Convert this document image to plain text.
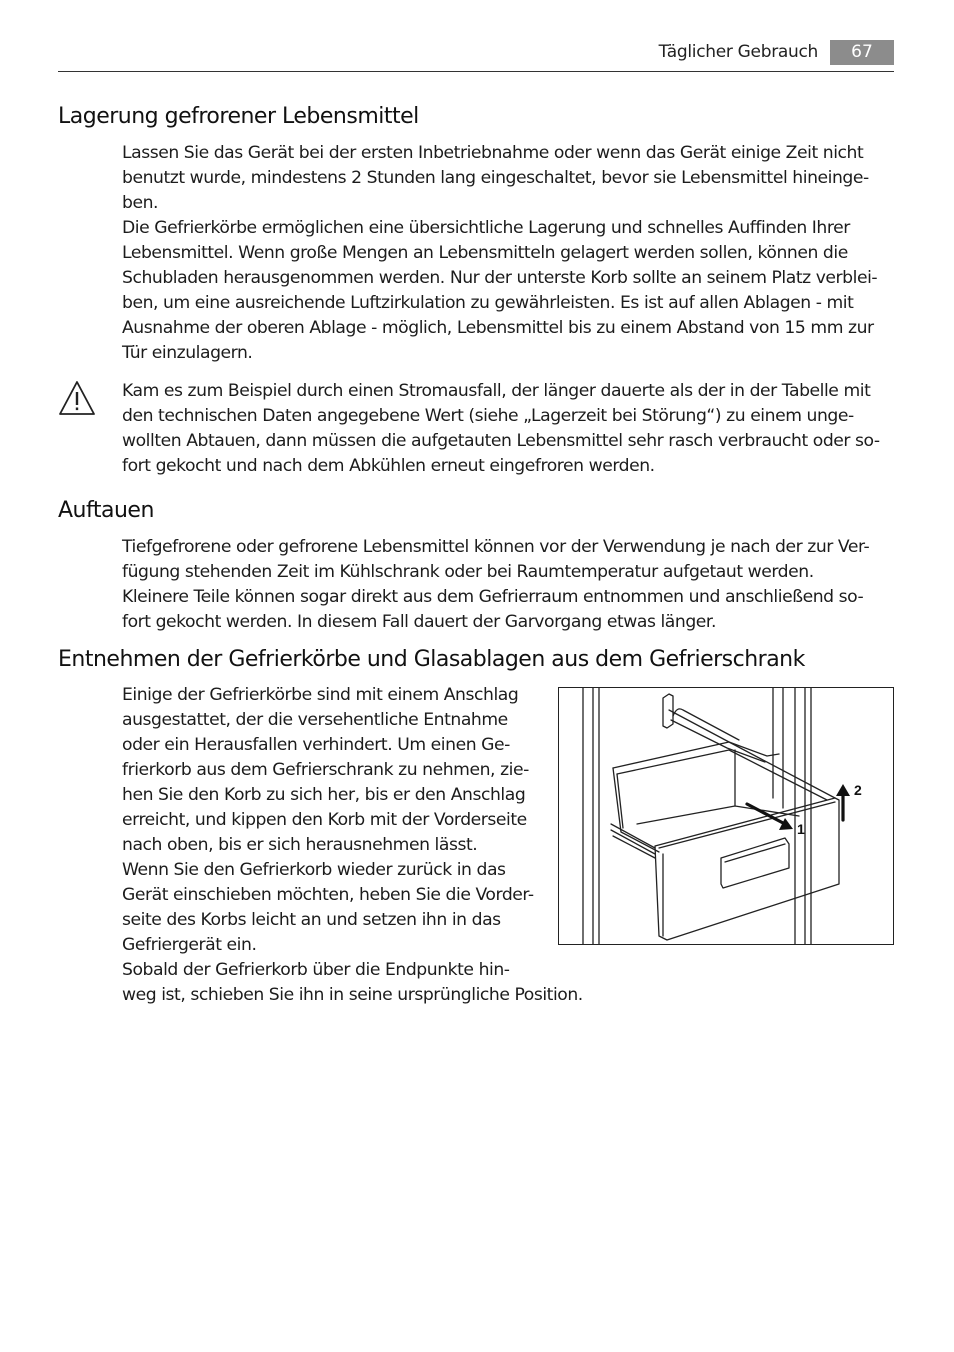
Täglicher Gebrauch	67
Lagerung gefrorener Lebensmittel
Lassen Sie das Gerät bei der ersten Inbetriebnahme oder wenn das Gerät einige Zeit nicht
benutzt wurde, mindestens 2 Stunden lang eingeschaltet, bevor sie Lebensmittel hineinge-
ben.
Die Gefrierkörbe ermöglichen eine übersichtliche Lagerung und schnelles Auffinden Ihrer
Lebensmittel. Wenn große Mengen an Lebensmitteln gelagert werden sollen, können die
Schubladen herausgenommen werden. Nur der unterste Korb sollte an seinem Platz verblei-
ben, um eine ausreichende Luftzirkulation zu gewährleisten. Es ist auf allen Ablagen - mit
Ausnahme der oberen Ablage - möglich, Lebensmittel bis zu einem Abstand von 15 mm zur
Tür einzulagern.
Kam es zum Beispiel durch einen Stromausfall, der länger dauerte als der in der Tabelle mit
den technischen Daten angegebene Wert (siehe „Lagerzeit bei Störung“) zu einem unge-
wollten Abtauen, dann müssen die aufgetauten Lebensmittel sehr rasch verbraucht oder so-
fort gekocht und nach dem Abkühlen erneut eingefroren werden.
Auftauen
Tiefgefrorene oder gefrorene Lebensmittel können vor der Verwendung je nach der zur Ver-
fügung stehenden Zeit im Kühlschrank oder bei Raumtemperatur aufgetaut werden.
Kleinere Teile können sogar direkt aus dem Gefrierraum entnommen und anschließend so-
fort gekocht werden. In diesem Fall dauert der Garvorgang etwas länger.
Entnehmen der Gefrierkörbe und Glasablagen aus dem Gefrierschrank
Einige der Gefrierkörbe sind mit einem Anschlag
ausgestattet, der die versehentliche Entnahme
oder ein Herausfallen verhindert. Um einen Ge-
frierkorb aus dem Gefrierschrank zu nehmen, zie-
hen Sie den Korb zu sich her, bis er den Anschlag
erreicht, und kippen den Korb mit der Vorderseite
nach oben, bis er sich herausnehmen lässt.
Wenn Sie den Gefrierkorb wieder zurück in das
Gerät einschieben möchten, heben Sie die Vorder-
seite des Korbs leicht an und setzen ihn in das
Gefriergerät ein.
Sobald der Gefrierkorb über die Endpunkte hin-
weg ist, schieben Sie ihn in seine ursprüngliche Position.
1
2
